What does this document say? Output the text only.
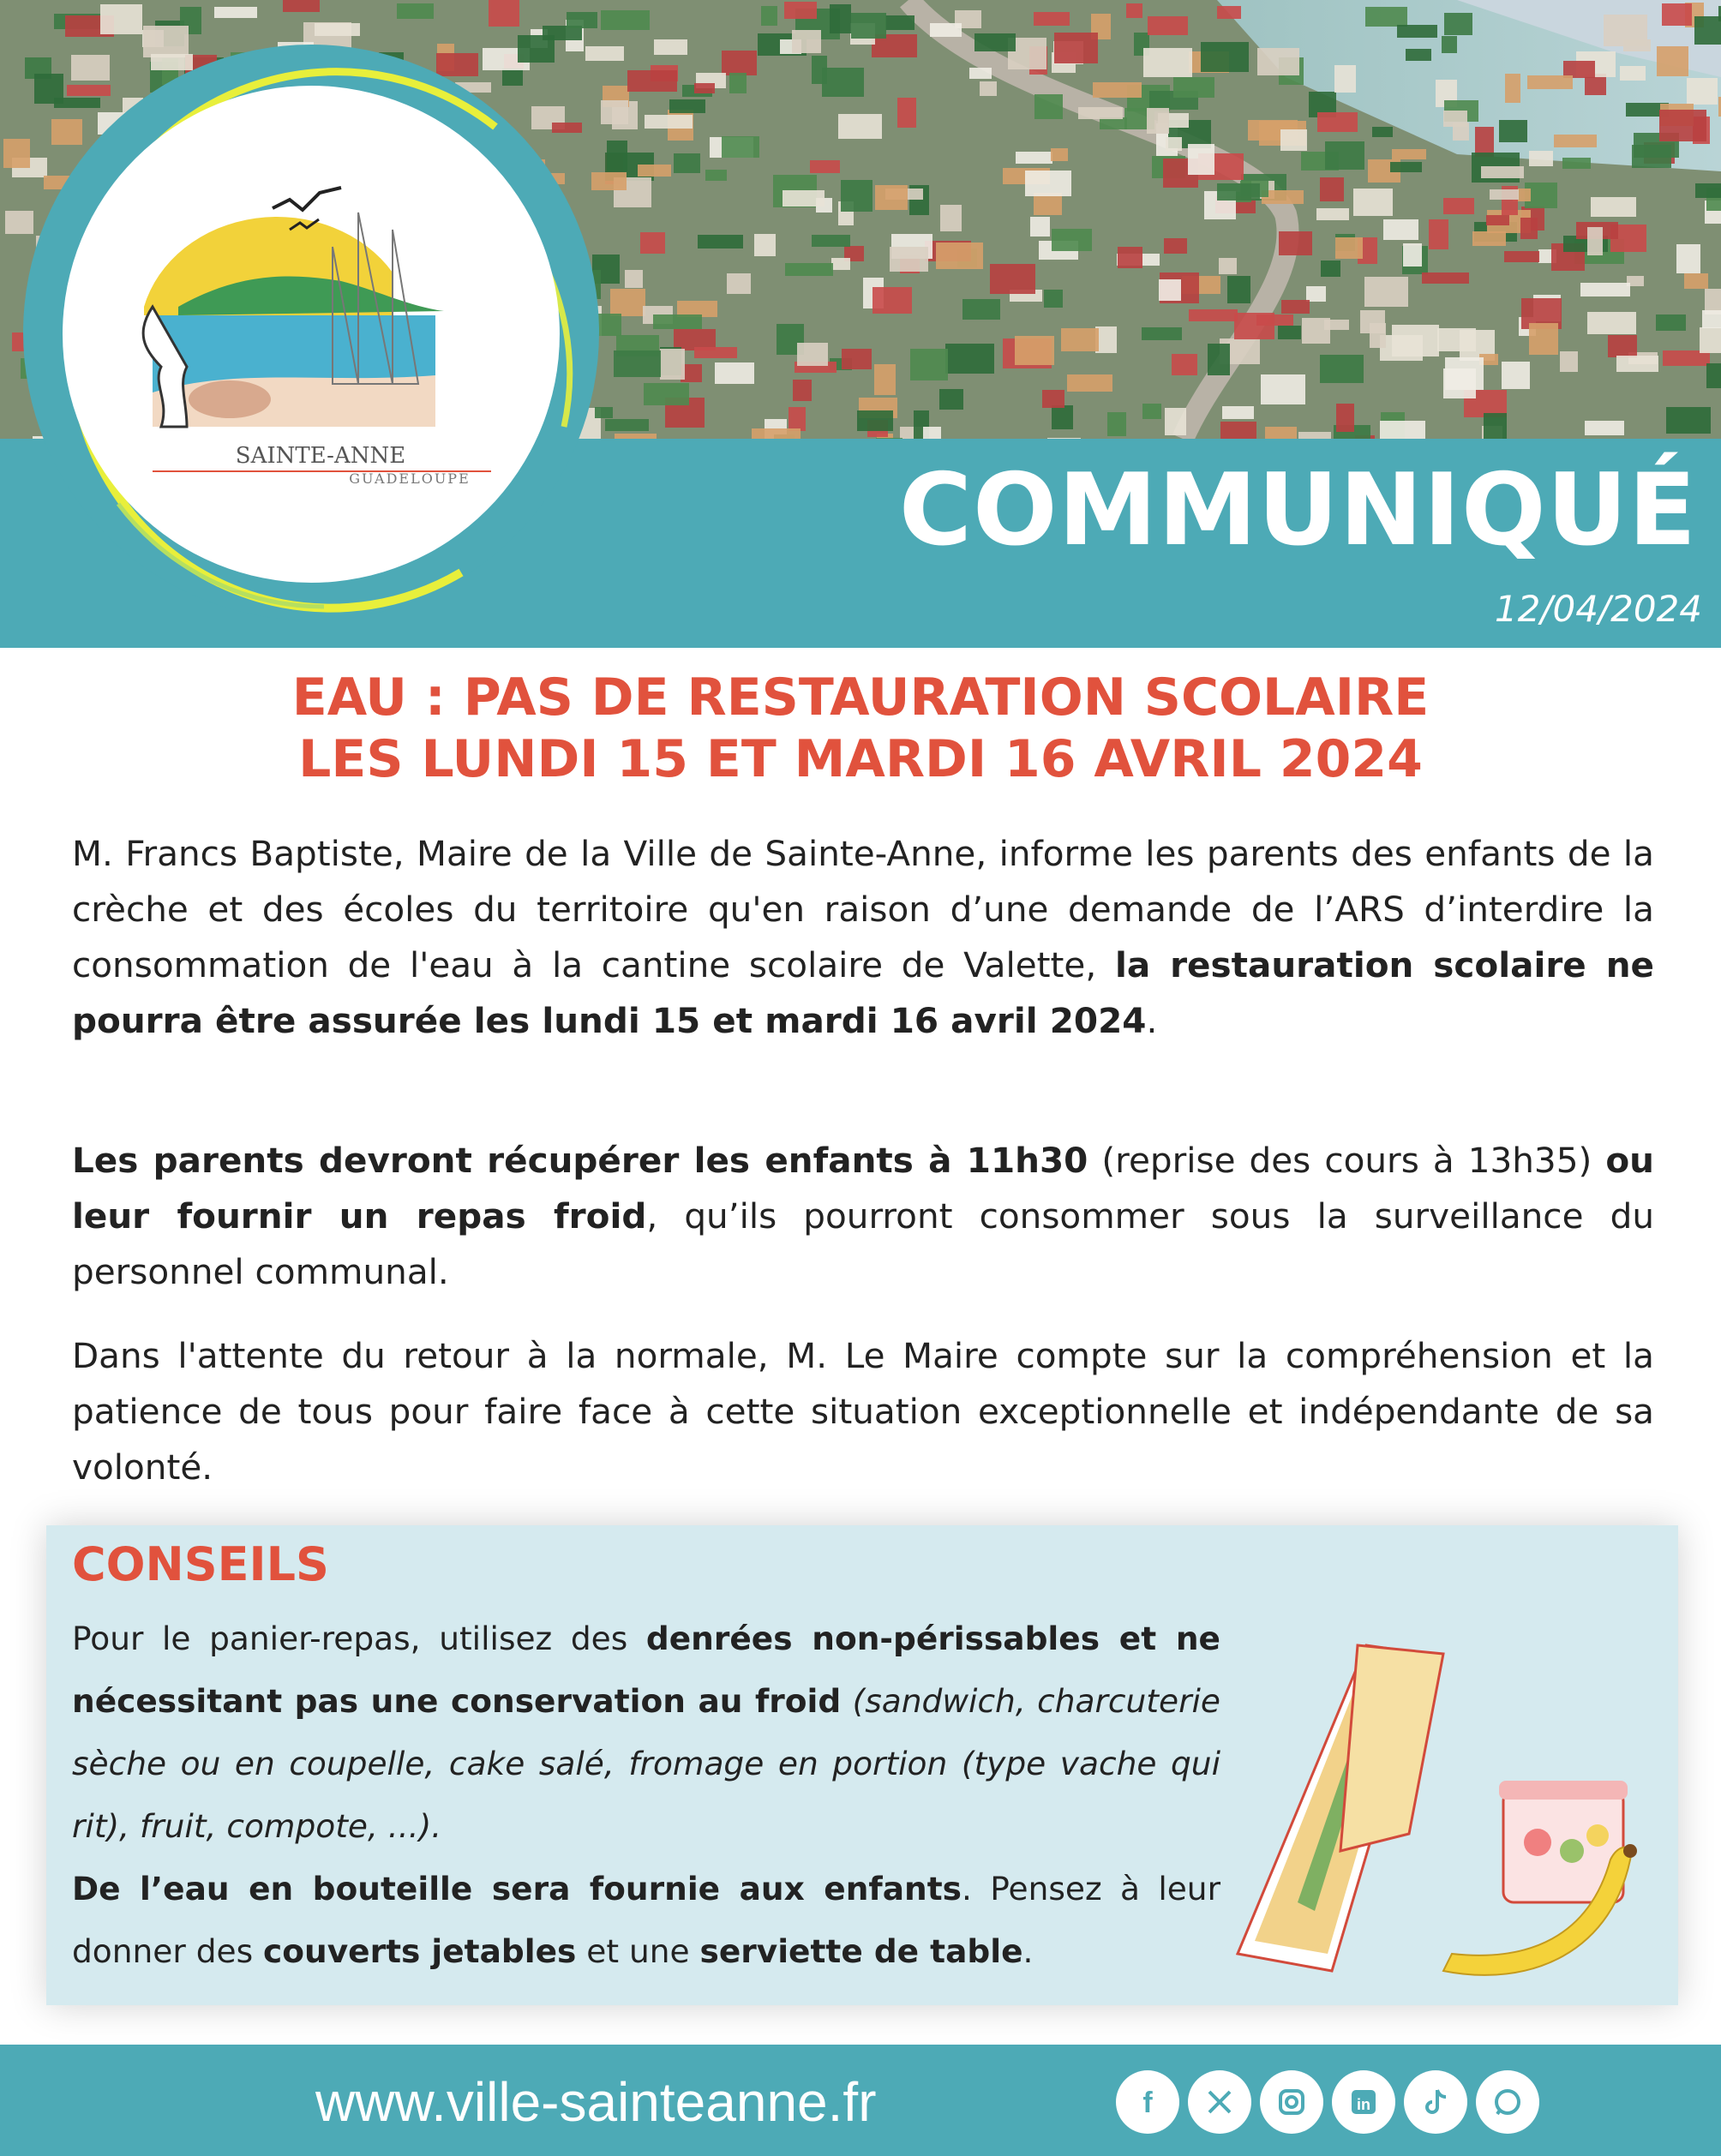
COMMUNIQUÉ
12/04/2024
SAINTE-ANNE
GUADELOUPE
EAU : PAS DE RESTAURATION SCOLAIRE
LES LUNDI 15 ET MARDI 16 AVRIL 2024
M. Francs Baptiste, Maire de la Ville de Sainte-Anne, informe les parents des enfants de la crèche et des écoles du territoire qu'en raison d’une demande de l’ARS d’interdire la consommation de l'eau à la cantine scolaire de Valette, la restauration scolaire ne pourra être assurée les lundi 15 et mardi 16 avril 2024.
Les parents devront récupérer les enfants à 11h30 (reprise des cours à 13h35) ou leur fournir un repas froid, qu’ils pourront consommer sous la surveillance du personnel communal.
Dans l'attente du retour à la normale, M. Le Maire compte sur la compréhension et la patience de tous pour faire face à cette situation exceptionnelle et indépendante de sa volonté.
CONSEILS
Pour le panier-repas, utilisez des denrées non-périssables et ne nécessitant pas une conservation au froid (sandwich, charcuterie sèche ou en coupelle, cake salé, fromage en portion (type vache qui rit), fruit, compote, ...).
De l’eau en bouteille sera fournie aux enfants. Pensez à leur donner des couverts jetables et une serviette de table.
www.ville-sainteanne.fr	f	in
